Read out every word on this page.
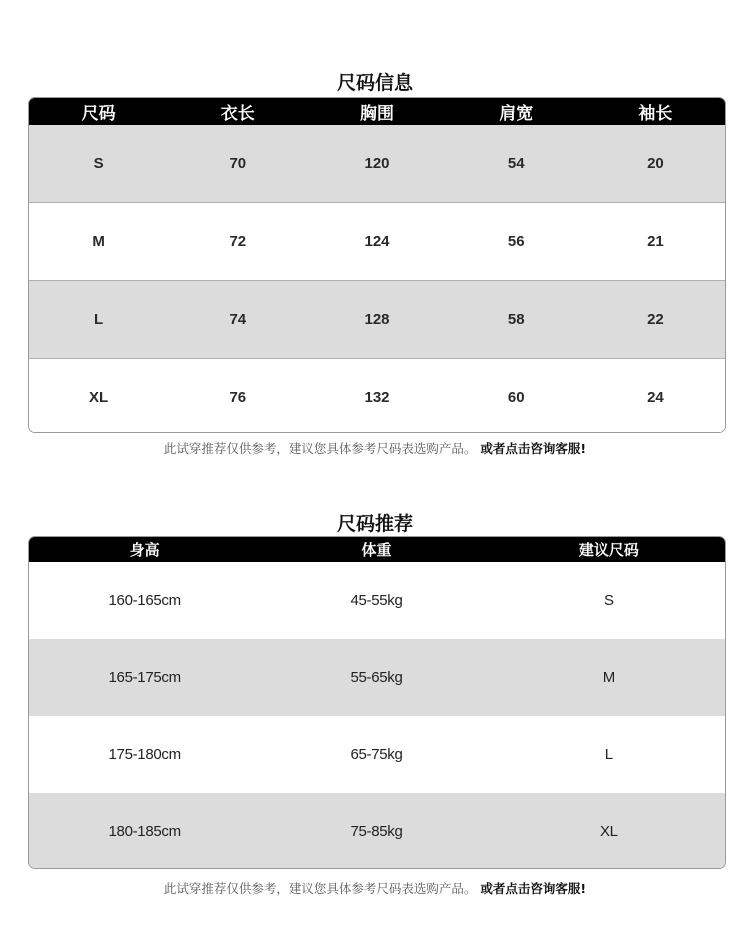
尺码信息
尺码	衣长	胸围	肩宽	袖长
S	70	120	54	20
M	72	124	56	21
L	74	128	58	22
XL	76	132	60	24
此试穿推荐仅供参考，建议您具体参考尺码表选购产品。 或者点击咨询客服!
尺码推荐
身高	体重	建议尺码
160-165cm	45-55kg	S
165-175cm	55-65kg	M
175-180cm	65-75kg	L
180-185cm	75-85kg	XL
此试穿推荐仅供参考，建议您具体参考尺码表选购产品。 或者点击咨询客服!
